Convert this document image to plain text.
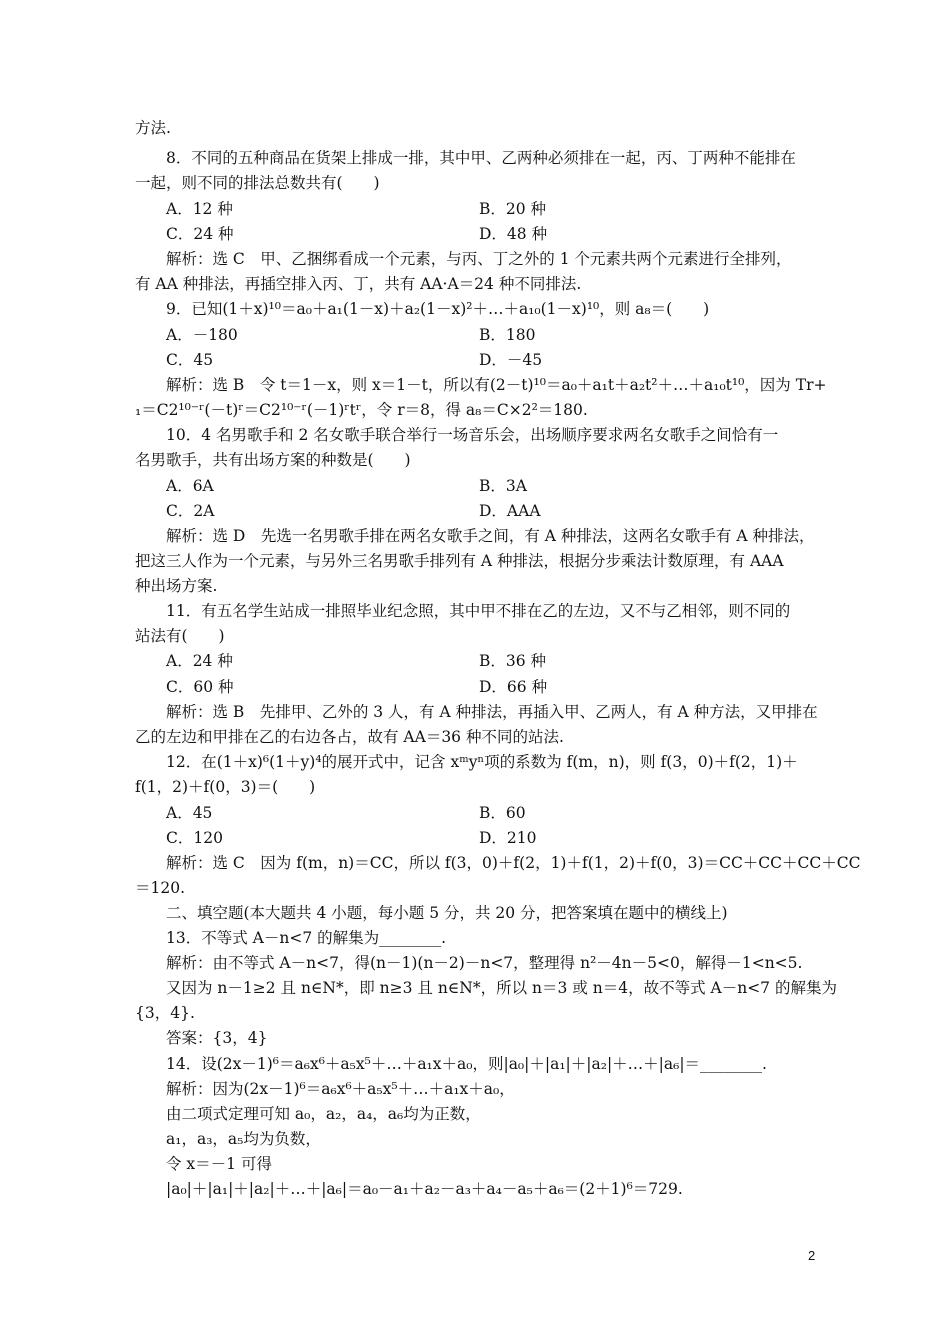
方法.
8．不同的五种商品在货架上排成一排，其中甲、乙两种必须排在一起，丙、丁两种不能排在
一起，则不同的排法总数共有(　　)
A．12 种	B．20 种
C．24 种	D．48 种
解析：选 C　甲、乙捆绑看成一个元素，与丙、丁之外的 1 个元素共两个元素进行全排列，
有 AA 种排法，再插空排入丙、丁，共有 AA·A＝24 种不同排法.
9．已知(1＋x)¹⁰＝a₀＋a₁(1－x)＋a₂(1－x)²＋…＋a₁₀(1－x)¹⁰，则 a₈＝(　　)
A．－180	B．180
C．45	D．－45
解析：选 B　令 t＝1－x，则 x＝1－t，所以有(2－t)¹⁰＝a₀＋a₁t＋a₂t²＋…＋a₁₀t¹⁰，因为 Tr+
₁＝C2¹⁰⁻ʳ(－t)ʳ＝C2¹⁰⁻ʳ(－1)ʳtʳ，令 r＝8，得 a₈＝C×2²＝180.
10．4 名男歌手和 2 名女歌手联合举行一场音乐会，出场顺序要求两名女歌手之间恰有一
名男歌手，共有出场方案的种数是(　　)
A．6A	B．3A
C．2A	D．AAA
解析：选 D　先选一名男歌手排在两名女歌手之间，有 A 种排法，这两名女歌手有 A 种排法，
把这三人作为一个元素，与另外三名男歌手排列有 A 种排法，根据分步乘法计数原理，有 AAA
种出场方案.
11．有五名学生站成一排照毕业纪念照，其中甲不排在乙的左边，又不与乙相邻，则不同的
站法有(　　)
A．24 种	B．36 种
C．60 种	D．66 种
解析：选 B　先排甲、乙外的 3 人，有 A 种排法，再插入甲、乙两人，有 A 种方法，又甲排在
乙的左边和甲排在乙的右边各占，故有 AA＝36 种不同的站法.
12．在(1＋x)⁶(1＋y)⁴的展开式中，记含 xᵐyⁿ项的系数为 f(m，n)，则 f(3，0)＋f(2，1)＋
f(1，2)＋f(0，3)＝(　　)
A．45	B．60
C．120	D．210
解析：选 C　因为 f(m，n)＝CC，所以 f(3，0)＋f(2，1)＋f(1，2)＋f(0，3)＝CC＋CC＋CC＋CC
＝120.
二、填空题(本大题共 4 小题，每小题 5 分，共 20 分，把答案填在题中的横线上)
13．不等式 A－n<7 的解集为________.
解析：由不等式 A－n<7，得(n－1)(n－2)－n<7，整理得 n²－4n－5<0，解得－1<n<5.
又因为 n－1≥2 且 n∈N*，即 n≥3 且 n∈N*，所以 n＝3 或 n＝4，故不等式 A－n<7 的解集为
{3，4}.
答案：{3，4}
14．设(2x－1)⁶＝a₆x⁶＋a₅x⁵＋…＋a₁x＋a₀，则|a₀|＋|a₁|＋|a₂|＋…＋|a₆|＝________.
解析：因为(2x－1)⁶＝a₆x⁶＋a₅x⁵＋…＋a₁x＋a₀，
由二项式定理可知 a₀，a₂，a₄，a₆均为正数，
a₁，a₃，a₅均为负数，
令 x＝－1 可得
|a₀|＋|a₁|＋|a₂|＋…＋|a₆|＝a₀－a₁＋a₂－a₃＋a₄－a₅＋a₆＝(2＋1)⁶＝729.
2
